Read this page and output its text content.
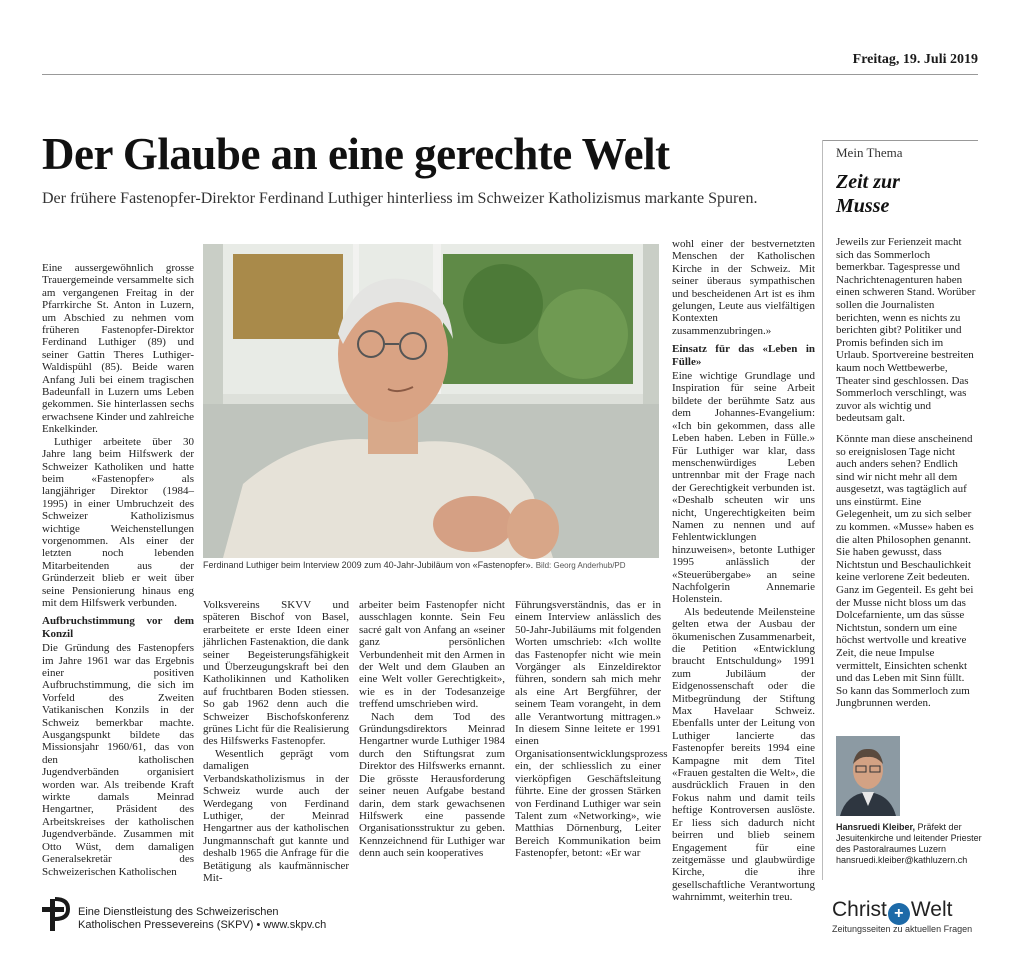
Freitag, 19. Juli 2019
Der Glaube an eine gerechte Welt
Der frühere Fastenopfer-Direktor Ferdinand Luthiger hinterliess im Schweizer Katholizismus markante Spuren.

Eine aussergewöhnlich grosse Trauergemeinde versammelte sich am vergangenen Freitag in der Pfarrkirche St. Anton in Luzern, um Abschied zu nehmen vom früheren Fastenopfer-Direktor Ferdinand Luthiger (89) und seiner Gattin Theres Luthiger-Waldispühl (85). Beide waren Anfang Juli bei einem tragischen Badeunfall in Luzern ums Leben gekommen. Sie hinterlassen sechs erwachsene Kinder und zahlreiche Enkelkinder.

Luthiger arbeitete über 30 Jahre lang beim Hilfswerk der Schweizer Katholiken und hatte beim «Fastenopfer» als langjähriger Direktor (1984–1995) in einer Umbruchzeit des Schweizer Katholizismus wichtige Weichenstellungen vorgenommen. Als einer der letzten noch lebenden Mitarbeitenden aus der Gründerzeit blieb er weit über seine Pensionierung hinaus eng mit dem Hilfswerk verbunden.

Aufbruchstimmung vor dem Konzil

Die Gründung des Fastenopfers im Jahre 1961 war das Ergebnis einer positiven Aufbruchstimmung, die sich im Vorfeld des Zweiten Vatikanischen Konzils in der Schweiz bemerkbar machte. Ausgangspunkt bildete das Missionsjahr 1960/61, das von den katholischen Jugendverbänden organisiert worden war. Als treibende Kraft wirkte damals Meinrad Hengartner, Präsident des Arbeitskreises der katholischen Jugendverbände. Zusammen mit Otto Wüst, dem damaligen Generalsekretär des Schweizerischen Katholischen

Ferdinand Luthiger beim Interview 2009 zum 40-Jahr-Jubiläum von «Fastenopfer». Bild: Georg Anderhub/PD

Volksvereins SKVV und späteren Bischof von Basel, erarbeitete er erste Ideen einer jährlichen Fastenaktion, die dank seiner Begeisterungsfähigkeit und Überzeugungskraft bei den Katholikinnen und Katholiken auf fruchtbaren Boden stiessen. So gab 1962 denn auch die Schweizer Bischofskonferenz grünes Licht für die Realisierung des Hilfswerks Fastenopfer.

Wesentlich geprägt vom damaligen Verbandskatholizismus in der Schweiz wurde auch der Werdegang von Ferdinand Luthiger, der Meinrad Hengartner aus der katholischen Jungmannschaft gut kannte und deshalb 1965 die Anfrage für die Betätigung als kaufmännischer Mit-

arbeiter beim Fastenopfer nicht ausschlagen konnte. Sein Feu sacré galt von Anfang an «seiner ganz persönlichen Verbundenheit mit den Armen in der Welt und dem Glauben an eine Welt voller Gerechtigkeit», wie es in der Todesanzeige treffend umschrieben wird.

Nach dem Tod des Gründungsdirektors Meinrad Hengartner wurde Luthiger 1984 durch den Stiftungsrat zum Direktor des Hilfswerks ernannt. Die grösste Herausforderung seiner neuen Aufgabe bestand darin, dem stark gewachsenen Hilfswerk eine passende Organisationsstruktur zu geben. Kennzeichnend für Luthiger war denn auch sein kooperatives

Führungsverständnis, das er in einem Interview anlässlich des 50-Jahr-Jubiläums mit folgenden Worten umschrieb: «Ich wollte das Fastenopfer nicht wie mein Vorgänger als Einzeldirektor führen, sondern sah mich mehr als eine Art Bergführer, der seinem Team vorangeht, in dem alle Verantwortung mittragen.» In diesem Sinne leitete er 1991 einen Organisationsentwicklungsprozess ein, der schliesslich zu einer vierköpfigen Geschäftsleitung führte. Eine der grossen Stärken von Ferdinand Luthiger war sein Talent zum «Networking», wie Matthias Dörnenburg, Leiter Bereich Kommunikation beim Fastenopfer, betont: «Er war

wohl einer der bestvernetzten Menschen der Katholischen Kirche in der Schweiz. Mit seiner überaus sympathischen und bescheidenen Art ist es ihm gelungen, Leute aus vielfältigen Kontexten zusammenzubringen.»

Einsatz für das «Leben in Fülle»

Eine wichtige Grundlage und Inspiration für seine Arbeit bildete der berühmte Satz aus dem Johannes-Evangelium: «Ich bin gekommen, dass alle Leben haben. Leben in Fülle.» Für Luthiger war klar, dass menschenwürdiges Leben untrennbar mit der Frage nach der Gerechtigkeit verbunden ist. «Deshalb scheuten wir uns nicht, Ungerechtigkeiten beim Namen zu nennen und auf Fehlentwicklungen hinzuweisen», betonte Luthiger 1995 anlässlich der «Steuerübergabe» an seine Nachfolgerin Annemarie Holenstein.

Als bedeutende Meilensteine gelten etwa der Ausbau der ökumenischen Zusammenarbeit, die Petition «Entwicklung braucht Entschuldung» 1991 zum Jubiläum der Eidgenossenschaft oder die Mitbegründung der Stiftung Max Havelaar Schweiz. Ebenfalls unter der Leitung von Luthiger lancierte das Fastenopfer bereits 1994 eine Kampagne mit dem Titel «Frauen gestalten die Welt», die ausdrücklich Frauen in den Fokus nahm und damit teils heftige Kontroversen auslöste. Er liess sich dadurch nicht beirren und blieb seinem Engagement für eine zeitgemässe und glaubwürdige Kirche, die ihre gesellschaftliche Verantwortung wahrnimmt, weiterhin treu.

Mein Thema
Zeit zur
Musse

Jeweils zur Ferienzeit macht sich das Sommerloch bemerkbar. Tagespresse und Nachrichtenagenturen haben einen schweren Stand. Worüber sollen die Journalisten berichten, wenn es nichts zu berichten gibt? Politiker und Promis befinden sich im Urlaub. Sportvereine bestreiten kaum noch Wettbewerbe, Theater sind geschlossen. Das Sommerloch verschlingt, was zuvor als wichtig und bedeutsam galt.

Könnte man diese anscheinend so ereignislosen Tage nicht auch anders sehen? Endlich sind wir nicht mehr all dem ausgesetzt, was tagtäglich auf uns einstürmt. Eine Gelegenheit, um zu sich selber zu kommen. «Musse» haben es die alten Philosophen genannt. Sie haben gewusst, dass Nichtstun und Beschaulichkeit keine verlorene Zeit bedeuten. Ganz im Gegenteil. Es geht bei der Musse nicht bloss um das Dolcefarniente, um das süsse Nichtstun, sondern um eine höchst wertvolle und kreative Zeit, die neue Impulse vermittelt, Einsichten schenkt und das Leben mit Sinn füllt. So kann das Sommerloch zum Jungbrunnen werden.

Hansruedi Kleiber, Präfekt der Jesuitenkirche und leitender Priester des Pastoralraumes Luzern
hansruedi.kleiber@kathluzern.ch
Eine Dienstleistung des Schweizerischen
Katholischen Pressevereins (SKPV) • www.skpv.ch
Christ + Welt
Zeitungsseiten zu aktuellen Fragen
